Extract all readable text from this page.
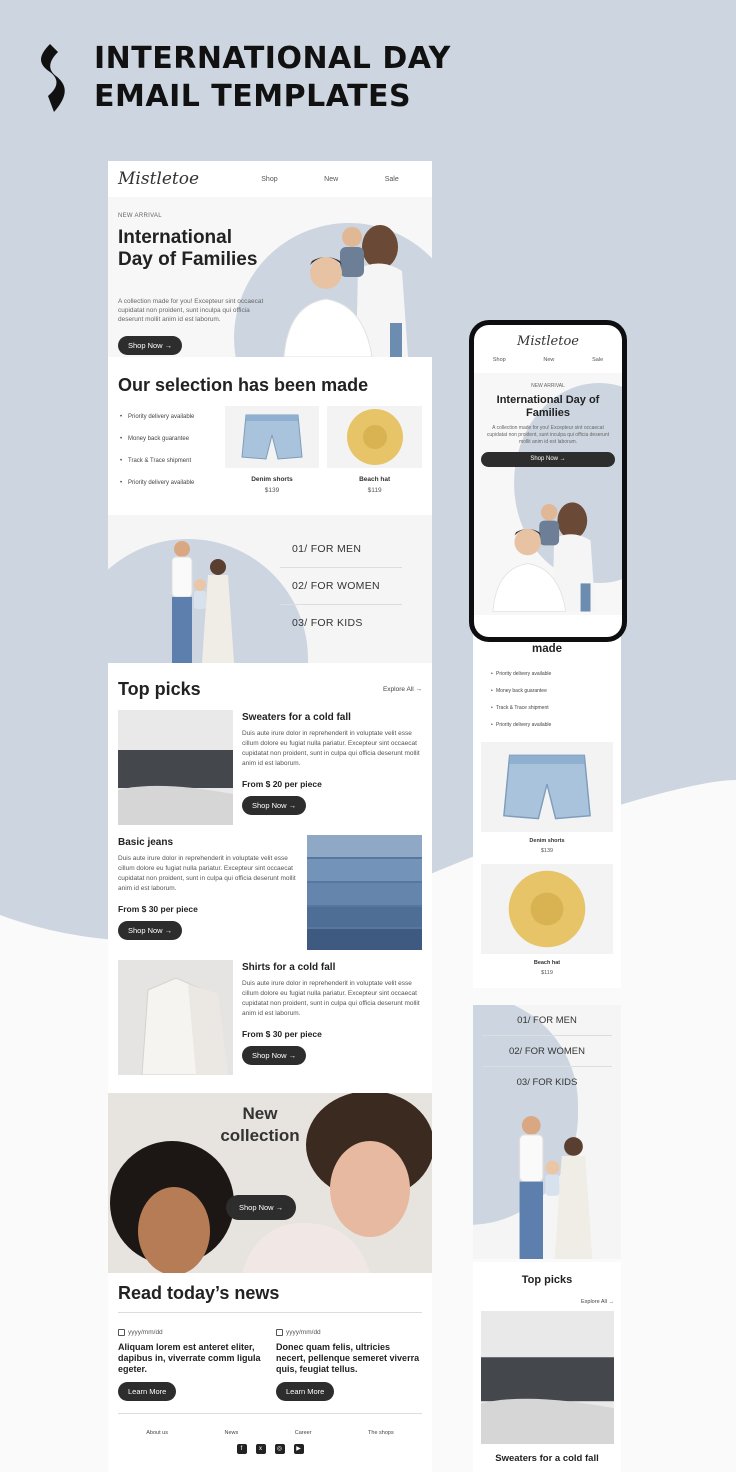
INTERNATIONAL DAY
EMAIL TEMPLATES
Mistletoe	Shop	New	Sale
NEW ARRIVAL
International Day of Families

A collection made for you! Excepteur sint occaecat cupidatat non proident, sunt inculpa qui officia deserunt mollit anim id est laborum.

Shop Now →
Our selection has been made
• Priority delivery available
• Money back guarantee
• Track & Trace shipment
• Priority delivery available	Denim shorts
$139
Beach hat
$119
01/ FOR MEN
02/ FOR WOMEN
03/ FOR KIDS
Top picks	Explore All →
Sweaters for a cold fall

Duis aute irure dolor in reprehenderit in voluptate velit esse cillum dolore eu fugiat nulla pariatur. Excepteur sint occaecat cupidatat non proident, sunt in culpa qui officia deserunt mollit anim id est laborum.

From $ 20 per piece
Shop Now →
Basic jeans

Duis aute irure dolor in reprehenderit in voluptate velit esse cillum dolore eu fugiat nulla pariatur. Excepteur sint occaecat cupidatat non proident, sunt in culpa qui officia deserunt mollit anim id est laborum.

From $ 30 per piece
Shop Now →
Shirts for a cold fall

Duis aute irure dolor in reprehenderit in voluptate velit esse cillum dolore eu fugiat nulla pariatur. Excepteur sint occaecat cupidatat non proident, sunt in culpa qui officia deserunt mollit anim id est laborum.

From $ 30 per piece
Shop Now →
New collection
Shop Now →
Read today’s news
yyyy/mm/dd
Aliquam lorem est anteret eliter, dapibus in, viverrate comm ligula egeter.
Learn More
yyyy/mm/dd
Donec quam felis, ultricies necert, pellenque semeret viverra quis, feugiat tellus.
Learn More
About us	News	Career	The shops
f	x	◎	▶
made
• Priority delivery available
• Money back guarantee
• Track & Trace shipment
• Priority delivery available
Denim shorts
$139
Beach hat
$119
01/ FOR MEN
02/ FOR WOMEN
03/ FOR KIDS
Top picks
Explore All →
Sweaters for a cold fall
Mistletoe
Shop	New	Sale
NEW ARRIVAL
International Day of Families
A collection made for you! Excepteur sint occaecat cupidatat non proident, sunt inculpa qui officia deserunt mollit anim id est laborum.
Shop Now →
